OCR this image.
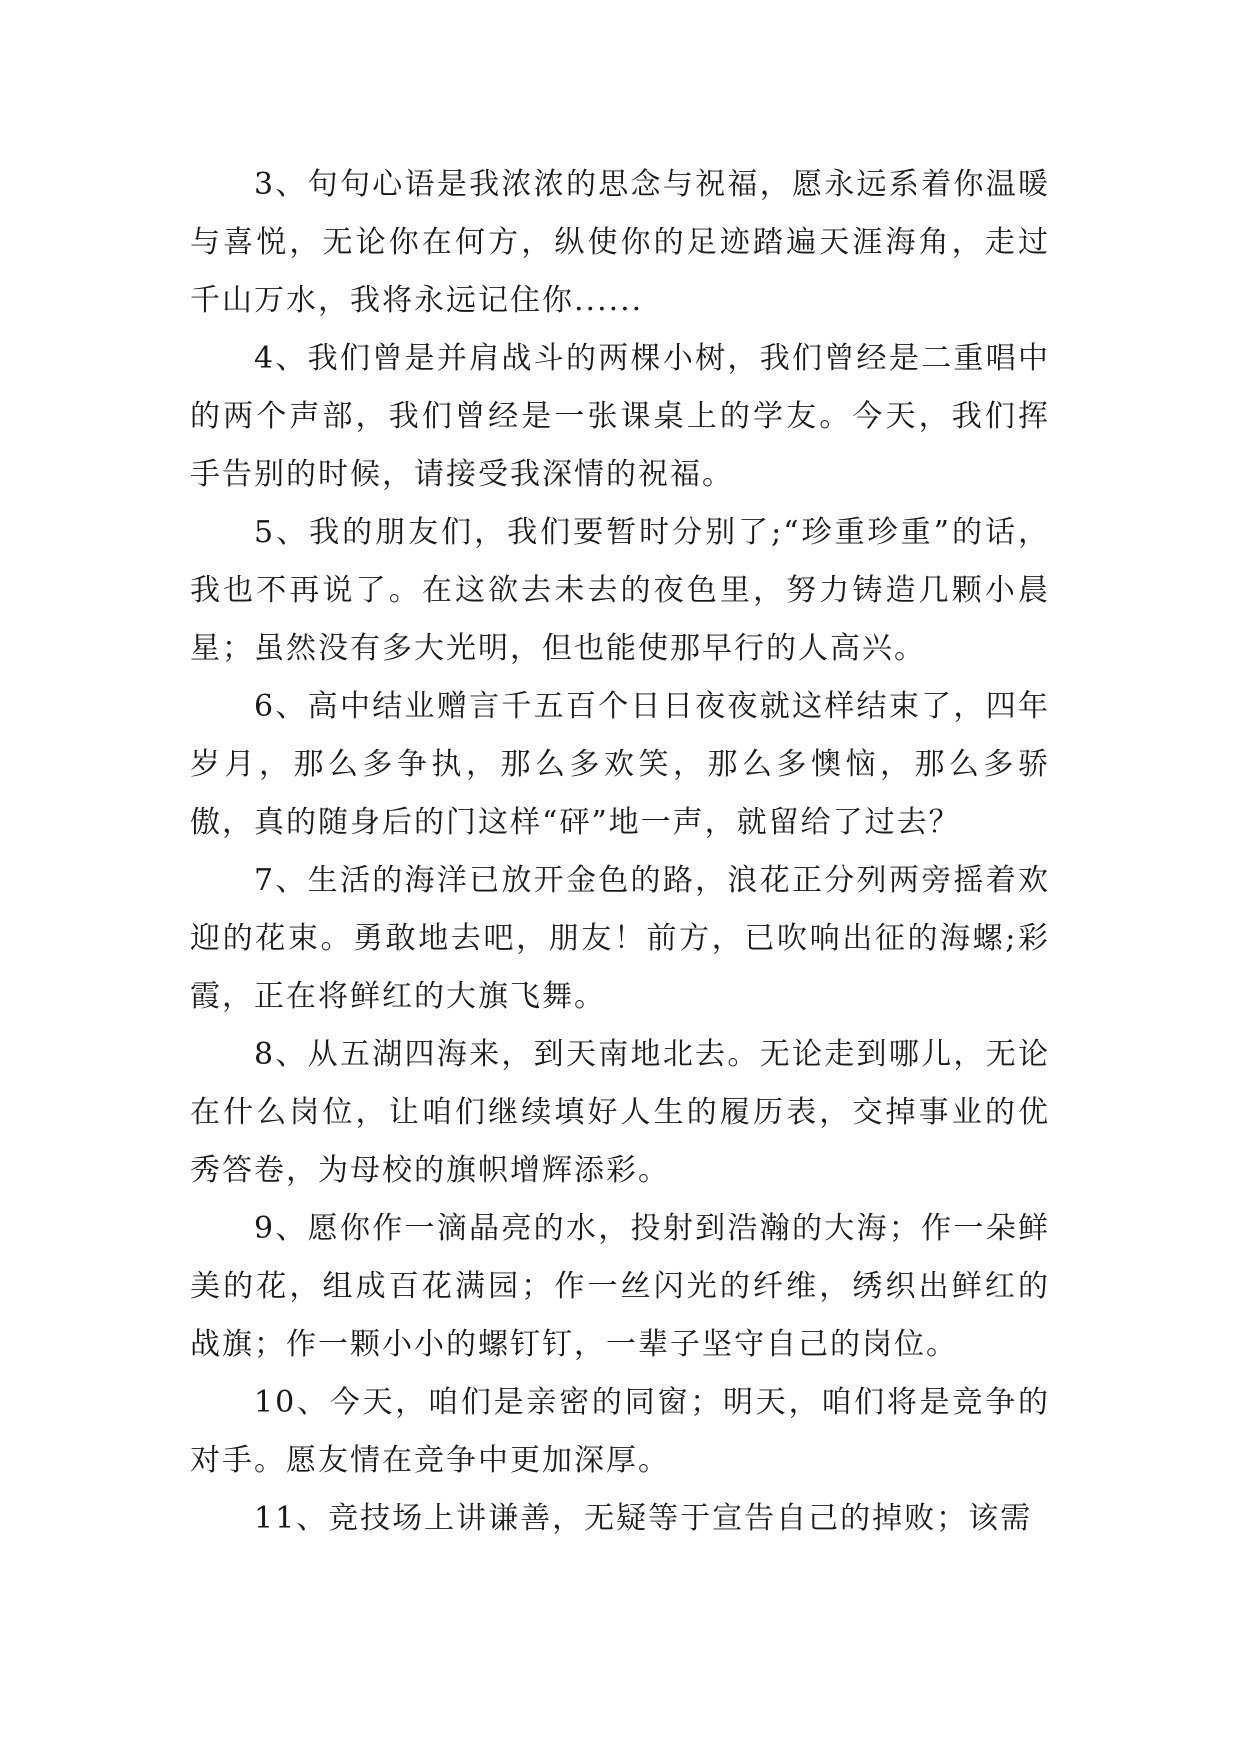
3、句句心语是我浓浓的思念与祝福，愿永远系着你温暖与喜悦，无论你在何方，纵使你的足迹踏遍天涯海角，走过千山万水，我将永远记住你......

4、我们曾是并肩战斗的两棵小树，我们曾经是二重唱中的两个声部，我们曾经是一张课桌上的学友。今天，我们挥手告别的时候，请接受我深情的祝福。

5、我的朋友们，我们要暂时分别了;“珍重珍重”的话，我也不再说了。在这欲去未去的夜色里，努力铸造几颗小晨星；虽然没有多大光明，但也能使那早行的人高兴。

6、高中结业赠言千五百个日日夜夜就这样结束了，四年岁月，那么多争执，那么多欢笑，那么多懊恼，那么多骄傲，真的随身后的门这样“砰”地一声，就留给了过去？

7、生活的海洋已放开金色的路，浪花正分列两旁摇着欢迎的花束。勇敢地去吧，朋友！前方，已吹响出征的海螺;彩霞，正在将鲜红的大旗飞舞。

8、从五湖四海来，到天南地北去。无论走到哪儿，无论在什么岗位，让咱们继续填好人生的履历表，交掉事业的优秀答卷，为母校的旗帜增辉添彩。

9、愿你作一滴晶亮的水，投射到浩瀚的大海；作一朵鲜美的花，组成百花满园；作一丝闪光的纤维，绣织出鲜红的战旗；作一颗小小的螺钉钉，一辈子坚守自己的岗位。

10、今天，咱们是亲密的同窗；明天，咱们将是竞争的对手。愿友情在竞争中更加深厚。

11、竞技场上讲谦善，无疑等于宣告自己的掉败；该需
